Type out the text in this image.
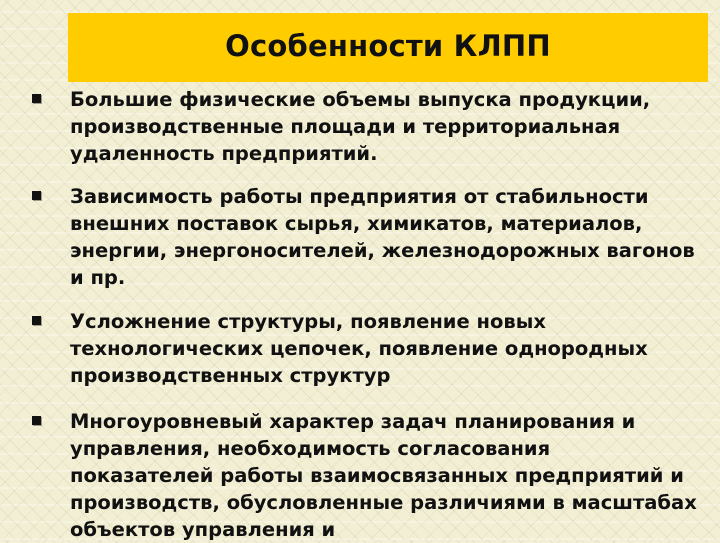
Особенности КЛПП
Большие физические объемы выпуска продукции, производственные площади и территориальная удаленность предприятий.
Зависимость работы предприятия от стабильности внешних поставок сырья, химикатов, материалов, энергии, энергоносителей, железнодорожных вагонов и пр.
Усложнение структуры, появление новых технологических цепочек, появление однородных производственных структур
Многоуровневый характер задач планирования и управления, необходимость согласования показателей работы взаимосвязанных предприятий и производств, обусловленные различиями в масштабах объектов управления и
